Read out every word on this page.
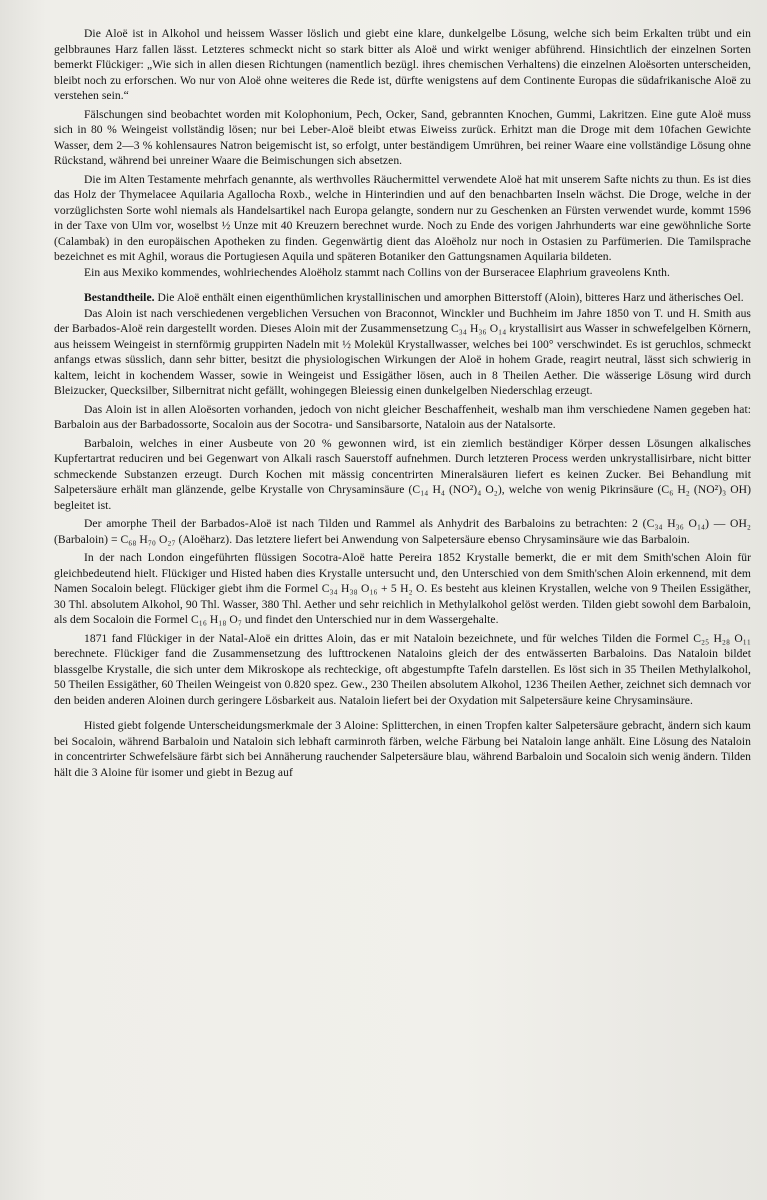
Die Aloë ist in Alkohol und heissem Wasser löslich und giebt eine klare, dunkelgelbe Lösung, welche sich beim Erkalten trübt und ein gelbbraunes Harz fallen lässt. Letzteres schmeckt nicht so stark bitter als Aloë und wirkt weniger abführend. Hinsichtlich der einzelnen Sorten bemerkt Flückiger: „Wie sich in allen diesen Richtungen (namentlich bezügl. ihres chemischen Verhaltens) die einzelnen Aloësorten unterscheiden, bleibt noch zu erforschen. Wo nur von Aloë ohne weiteres die Rede ist, dürfte wenigstens auf dem Continente Europas die südafrikanische Aloë zu verstehen sein.“

Fälschungen sind beobachtet worden mit Kolophonium, Pech, Ocker, Sand, gebrannten Knochen, Gummi, Lakritzen. Eine gute Aloë muss sich in 80 % Weingeist vollständig lösen; nur bei Leber-Aloë bleibt etwas Eiweiss zurück. Erhitzt man die Droge mit dem 10fachen Gewichte Wasser, dem 2—3 % kohlensaures Natron beigemischt ist, so erfolgt, unter beständigem Umrühren, bei reiner Waare eine vollständige Lösung ohne Rückstand, während bei unreiner Waare die Beimischungen sich absetzen.

Die im Alten Testamente mehrfach genannte, als werthvolles Räuchermittel verwendete Aloë hat mit unserem Safte nichts zu thun. Es ist dies das Holz der Thymelacee Aquilaria Agallocha Roxb., welche in Hinterindien und auf den benachbarten Inseln wächst. Die Droge, welche in der vorzüglichsten Sorte wohl niemals als Handelsartikel nach Europa gelangte, sondern nur zu Geschenken an Fürsten verwendet wurde, kommt 1596 in der Taxe von Ulm vor, woselbst ½ Unze mit 40 Kreuzern berechnet wurde. Noch zu Ende des vorigen Jahrhunderts war eine gewöhnliche Sorte (Calambak) in den europäischen Apotheken zu finden. Gegenwärtig dient das Aloëholz nur noch in Ostasien zu Parfümerien. Die Tamilsprache bezeichnet es mit Aghil, woraus die Portugiesen Aquila und späteren Botaniker den Gattungsnamen Aquilaria bildeten.

Ein aus Mexiko kommendes, wohlriechendes Aloëholz stammt nach Collins von der Burseracee Elaphrium graveolens Knth.

Bestandtheile. Die Aloë enthält einen eigenthümlichen krystallinischen und amorphen Bitterstoff (Aloin), bitteres Harz und ätherisches Oel.

Das Aloin ist nach verschiedenen vergeblichen Versuchen von Braconnot, Winckler und Buchheim im Jahre 1850 von T. und H. Smith aus der Barbados-Aloë rein dargestellt worden. Dieses Aloin mit der Zusammensetzung C₃₄ H₃₆ O₁₄ krystallisirt aus Wasser in schwefelgelben Körnern, aus heissem Weingeist in sternförmig gruppirten Nadeln mit ½ Molekül Krystallwasser, welches bei 100° verschwindet. Es ist geruchlos, schmeckt anfangs etwas süsslich, dann sehr bitter, besitzt die physiologischen Wirkungen der Aloë in hohem Grade, reagirt neutral, lässt sich schwierig in kaltem, leicht in kochendem Wasser, sowie in Weingeist und Essigäther lösen, auch in 8 Theilen Aether. Die wässerige Lösung wird durch Bleizucker, Quecksilber, Silbernitrat nicht gefällt, wohingegen Bleiessig einen dunkelgelben Niederschlag erzeugt.

Das Aloin ist in allen Aloësorten vorhanden, jedoch von nicht gleicher Beschaffenheit, weshalb man ihm verschiedene Namen gegeben hat: Barbaloin aus der Barbadossorte, Socaloin aus der Socotra- und Sansibarsorte, Nataloin aus der Natalsorte.

Barbaloin, welches in einer Ausbeute von 20 % gewonnen wird, ist ein ziemlich beständiger Körper dessen Lösungen alkalisches Kupfertartrat reduciren und bei Gegenwart von Alkali rasch Sauerstoff aufnehmen. Durch letzteren Process werden unkrystallisirbare, nicht bitter schmeckende Substanzen erzeugt. Durch Kochen mit mässig concentrirten Mineralsäuren liefert es keinen Zucker. Bei Behandlung mit Salpetersäure erhält man glänzende, gelbe Krystalle von Chrysaminsäure (C₁₄ H₄ (NO²)₄ O₂), welche von wenig Pikrinsäure (C₆ H₂ (NO²)₃ OH) begleitet ist.

Der amorphe Theil der Barbados-Aloë ist nach Tilden und Rammel als Anhydrit des Barbaloins zu betrachten: 2 (C₃₄ H₃₆ O₁₄) — OH₂ (Barbaloin) = C₆₈ H₇₀ O₂₇ (Aloëharz). Das letztere liefert bei Anwendung von Salpetersäure ebenso Chrysaminsäure wie das Barbaloin.

In der nach London eingeführten flüssigen Socotra-Aloë hatte Pereira 1852 Krystalle bemerkt, die er mit dem Smith'schen Aloin für gleichbedeutend hielt. Flückiger und Histed haben dies Krystalle untersucht und, den Unterschied von dem Smith'schen Aloin erkennend, mit dem Namen Socaloin belegt. Flückiger giebt ihm die Formel C₃₄ H₃₈ O₁₆ + 5 H₂ O. Es besteht aus kleinen Krystallen, welche von 9 Theilen Essigäther, 30 Thl. absolutem Alkohol, 90 Thl. Wasser, 380 Thl. Aether und sehr reichlich in Methylalkohol gelöst werden. Tilden giebt sowohl dem Barbaloin, als dem Socaloin die Formel C₁₆ H₁₈ O₇ und findet den Unterschied nur in dem Wassergehalte.

1871 fand Flückiger in der Natal-Aloë ein drittes Aloin, das er mit Nataloin bezeichnete, und für welches Tilden die Formel C₂₅ H₂₈ O₁₁ berechnete. Flückiger fand die Zusammensetzung des lufttrockenen Nataloins gleich der des entwässerten Barbaloins. Das Nataloin bildet blassgelbe Krystalle, die sich unter dem Mikroskope als rechteckige, oft abgestumpfte Tafeln darstellen. Es löst sich in 35 Theilen Methylalkohol, 50 Theilen Essigäther, 60 Theilen Weingeist von 0.820 spez. Gew., 230 Theilen absolutem Alkohol, 1236 Theilen Aether, zeichnet sich demnach vor den beiden anderen Aloinen durch geringere Lösbarkeit aus. Nataloin liefert bei der Oxydation mit Salpetersäure keine Chrysaminsäure.

Histed giebt folgende Unterscheidungsmerkmale der 3 Aloine: Splitterchen, in einen Tropfen kalter Salpetersäure gebracht, ändern sich kaum bei Socaloin, während Barbaloin und Nataloin sich lebhaft carminroth färben, welche Färbung bei Nataloin lange anhält. Eine Lösung des Nataloin in concentrirter Schwefelsäure färbt sich bei Annäherung rauchender Salpetersäure blau, während Barbaloin und Socaloin sich wenig ändern. Tilden hält die 3 Aloine für isomer und giebt in Bezug auf
